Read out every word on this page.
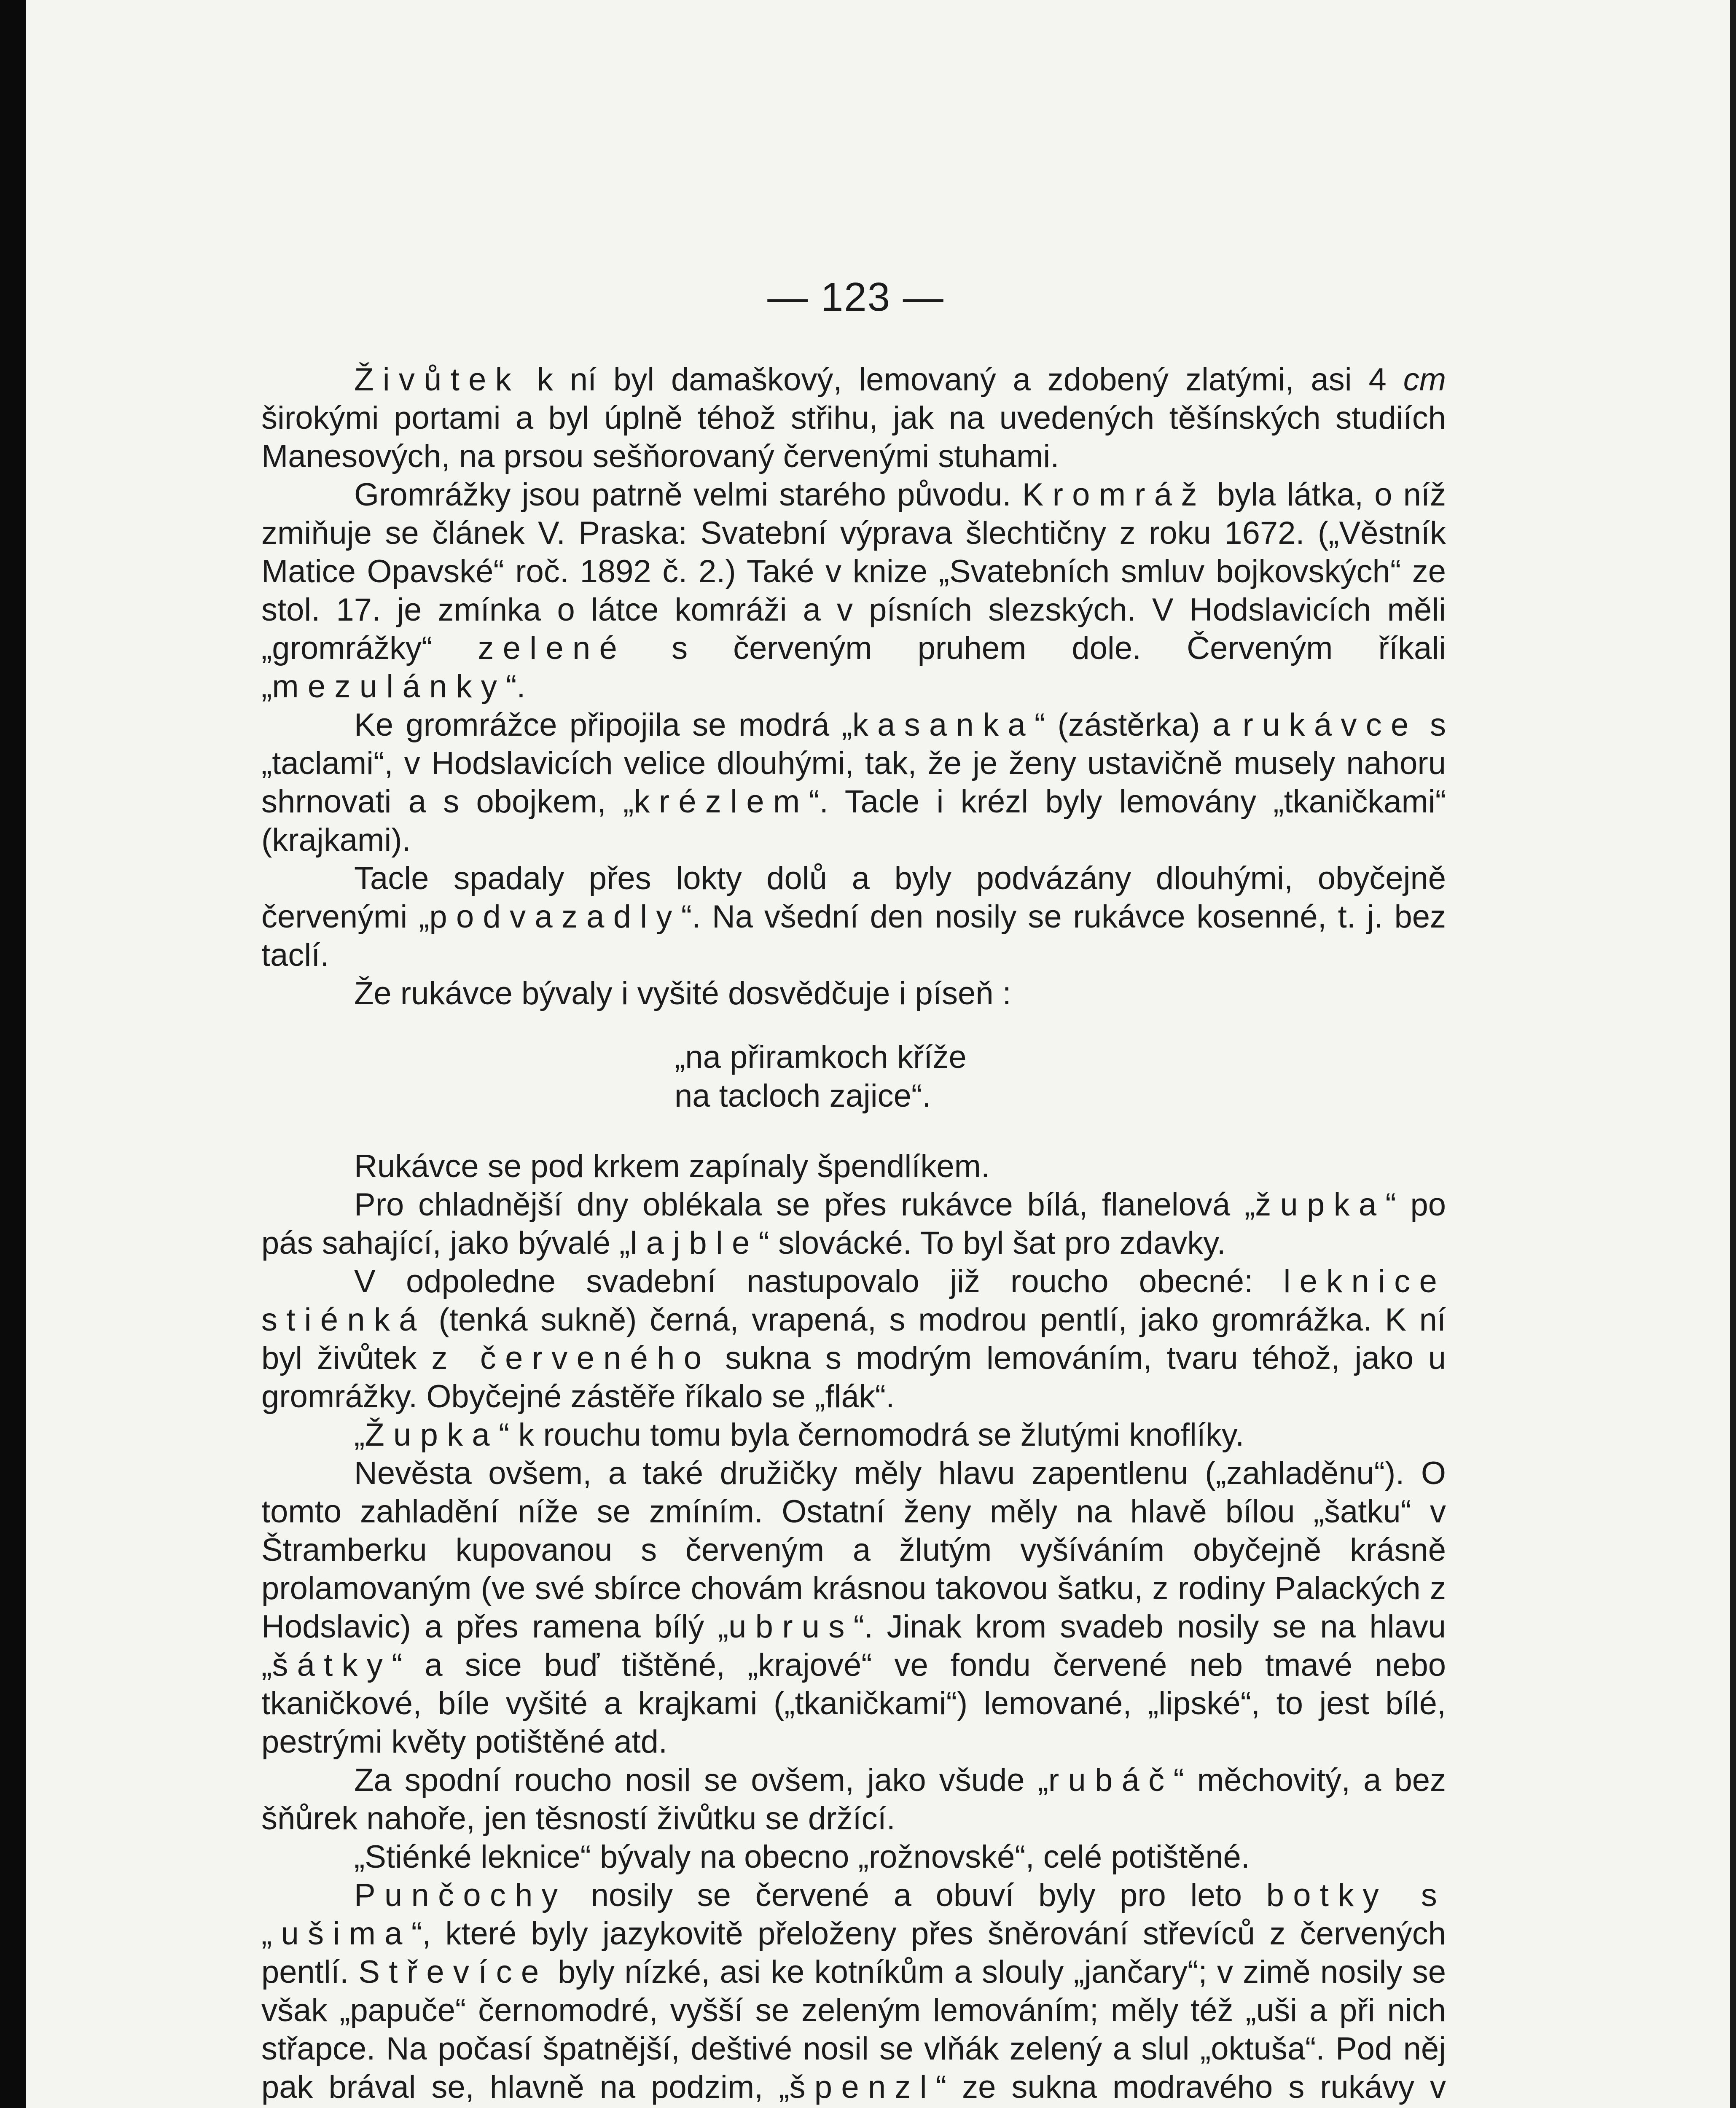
— 123 —

Živůtek k ní byl damaškový, lemovaný a zdobený zlatými, asi 4 cm širokými portami a byl úplně téhož střihu, jak na uvedených těšínských studiích Manesových, na prsou sešňorovaný červenými stuhami.

Gromrážky jsou patrně velmi starého původu. Kromráž byla látka, o níž zmiňuje se článek V. Praska: Svatební výprava šlechtičny z roku 1672. („Věstník Matice Opavské“ roč. 1892 č. 2.) Také v knize „Svatebních smluv bojkovských“ ze stol. 17. je zmínka o látce komráži a v písních slezských. V Hodslavicích měli „gromrážky“ zelené s červeným pruhem dole. Červeným říkali „mezulánky“.

Ke gromrážce připojila se modrá „kasanka“ (zástěrka) a rukávce s „taclami“, v Hodslavicích velice dlouhými, tak, že je ženy ustavičně musely nahoru shrnovati a s obojkem, „krézlem“. Tacle i krézl byly lemovány „tkaničkami“ (krajkami).

Tacle spadaly přes lokty dolů a byly podvázány dlouhými, obyčejně červenými „podvazadly“. Na všední den nosily se rukávce kosenné, t. j. bez taclí.

Že rukávce bývaly i vyšité dosvědčuje i píseň :

„na přiramkoch kříže
na tacloch zajice“.

Rukávce se pod krkem zapínaly špendlíkem.

Pro chladnější dny oblékala se přes rukávce bílá, flanelová „župka“ po pás sahající, jako bývalé „lajble“ slovácké. To byl šat pro zdavky.

V odpoledne svadební nastupovalo již roucho obecné: leknice stiénká (tenká sukně) černá, vrapená, s modrou pentlí, jako gromrážka. K ní byl živůtek z červeného sukna s modrým lemováním, tvaru téhož, jako u gromrážky. Obyčejné zástěře říkalo se „flák“.

„Župka“ k rouchu tomu byla černomodrá se žlutými knoflíky.

Nevěsta ovšem, a také družičky měly hlavu zapentlenu („zahladěnu“). O tomto zahladění níže se zmíním. Ostatní ženy měly na hlavě bílou „šatku“ v Štramberku kupovanou s červeným a žlutým vyšíváním obyčejně krásně prolamovaným (ve své sbírce chovám krásnou takovou šatku, z rodiny Palackých z Hodslavic) a přes ramena bílý „ubrus“. Jinak krom svadeb nosily se na hlavu „šátky“ a sice buď tištěné, „krajové“ ve fondu červené neb tmavé nebo tkaničkové, bíle vyšité a krajkami („tkaničkami“) lemované, „lipské“, to jest bílé, pestrými květy potištěné atd.

Za spodní roucho nosil se ovšem, jako všude „rubáč“ měchovitý, a bez šňůrek nahoře, jen těsností živůtku se držící.

„Stiénké leknice“ bývaly na obecno „rožnovské“, celé potištěné.

Punčochy nosily se červené a obuví byly pro leto botky s „ušima“, které byly jazykovitě přeloženy přes šněrování střevíců z červených pentlí. Střevíce byly nízké, asi ke kotníkům a slouly „jančary“; v zimě nosily se však „papuče“ černomodré, vyšší se zeleným lemováním; měly též „uši a při nich střapce. Na počasí špatnější, deštivé nosil se vlňák zelený a slul „oktuša“. Pod něj pak brával se, hlavně na podzim, „špenzl“ ze sukna modravého s rukávy v
